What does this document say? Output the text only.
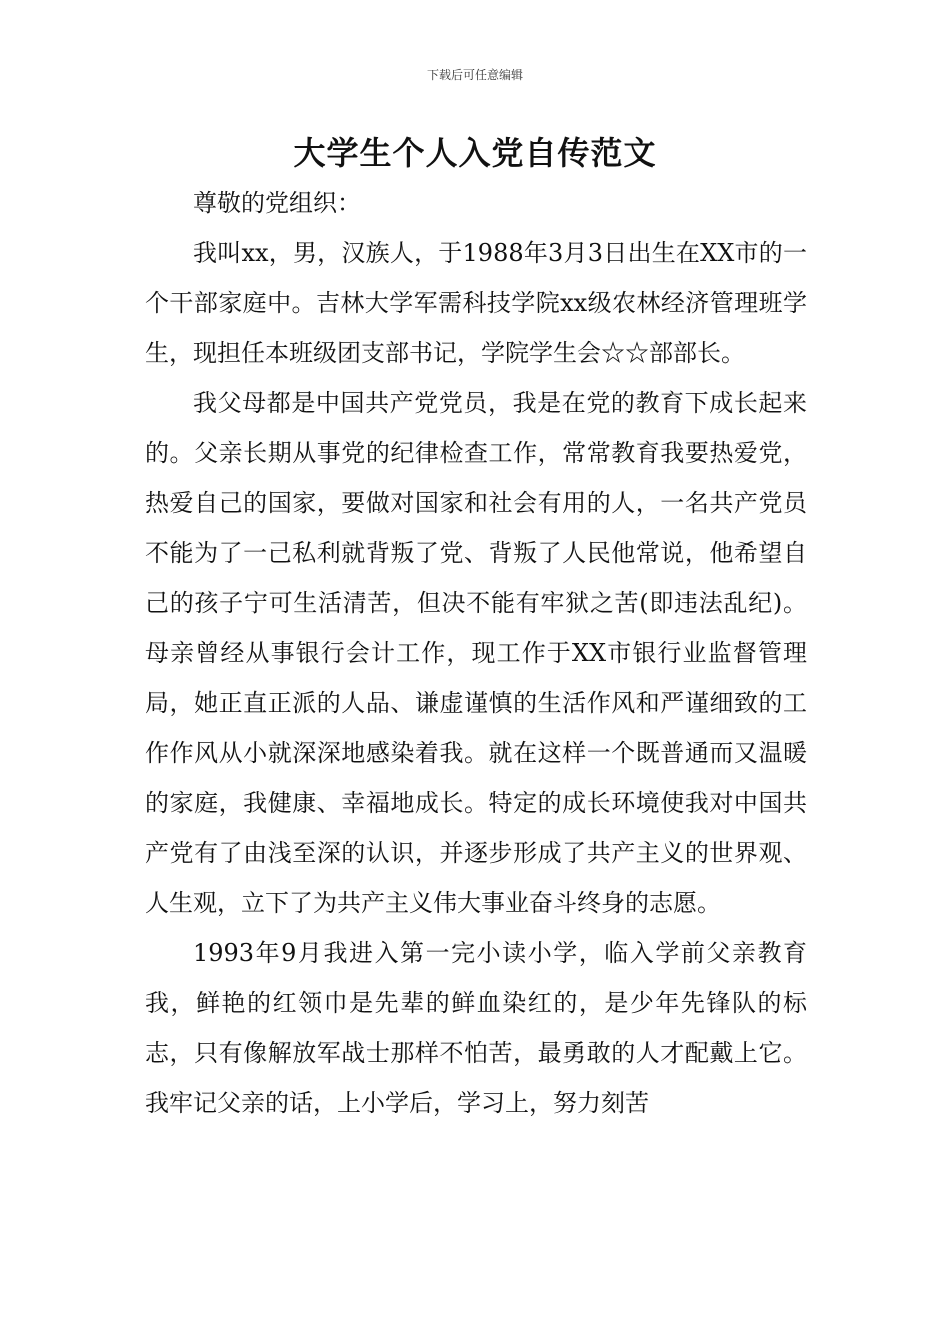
下载后可任意编辑
大学生个人入党自传范文

尊敬的党组织：

我叫xx，男，汉族人，于1988年3月3日出生在XX市的一个干部家庭中。吉林大学军需科技学院xx级农林经济管理班学生，现担任本班级团支部书记，学院学生会☆☆部部长。

我父母都是中国共产党党员，我是在党的教育下成长起来的。父亲长期从事党的纪律检查工作，常常教育我要热爱党，热爱自己的国家，要做对国家和社会有用的人，一名共产党员不能为了一己私利就背叛了党、背叛了人民他常说，他希望自己的孩子宁可生活清苦，但决不能有牢狱之苦(即违法乱纪)。母亲曾经从事银行会计工作，现工作于XX市银行业监督管理局，她正直正派的人品、谦虚谨慎的生活作风和严谨细致的工作作风从小就深深地感染着我。就在这样一个既普通而又温暖的家庭，我健康、幸福地成长。特定的成长环境使我对中国共产党有了由浅至深的认识，并逐步形成了共产主义的世界观、人生观，立下了为共产主义伟大事业奋斗终身的志愿。

1993年9月我进入第一完小读小学，临入学前父亲教育我，鲜艳的红领巾是先辈的鲜血染红的，是少年先锋队的标志，只有像解放军战士那样不怕苦，最勇敢的人才配戴上它。我牢记父亲的话，上小学后，学习上，努力刻苦
